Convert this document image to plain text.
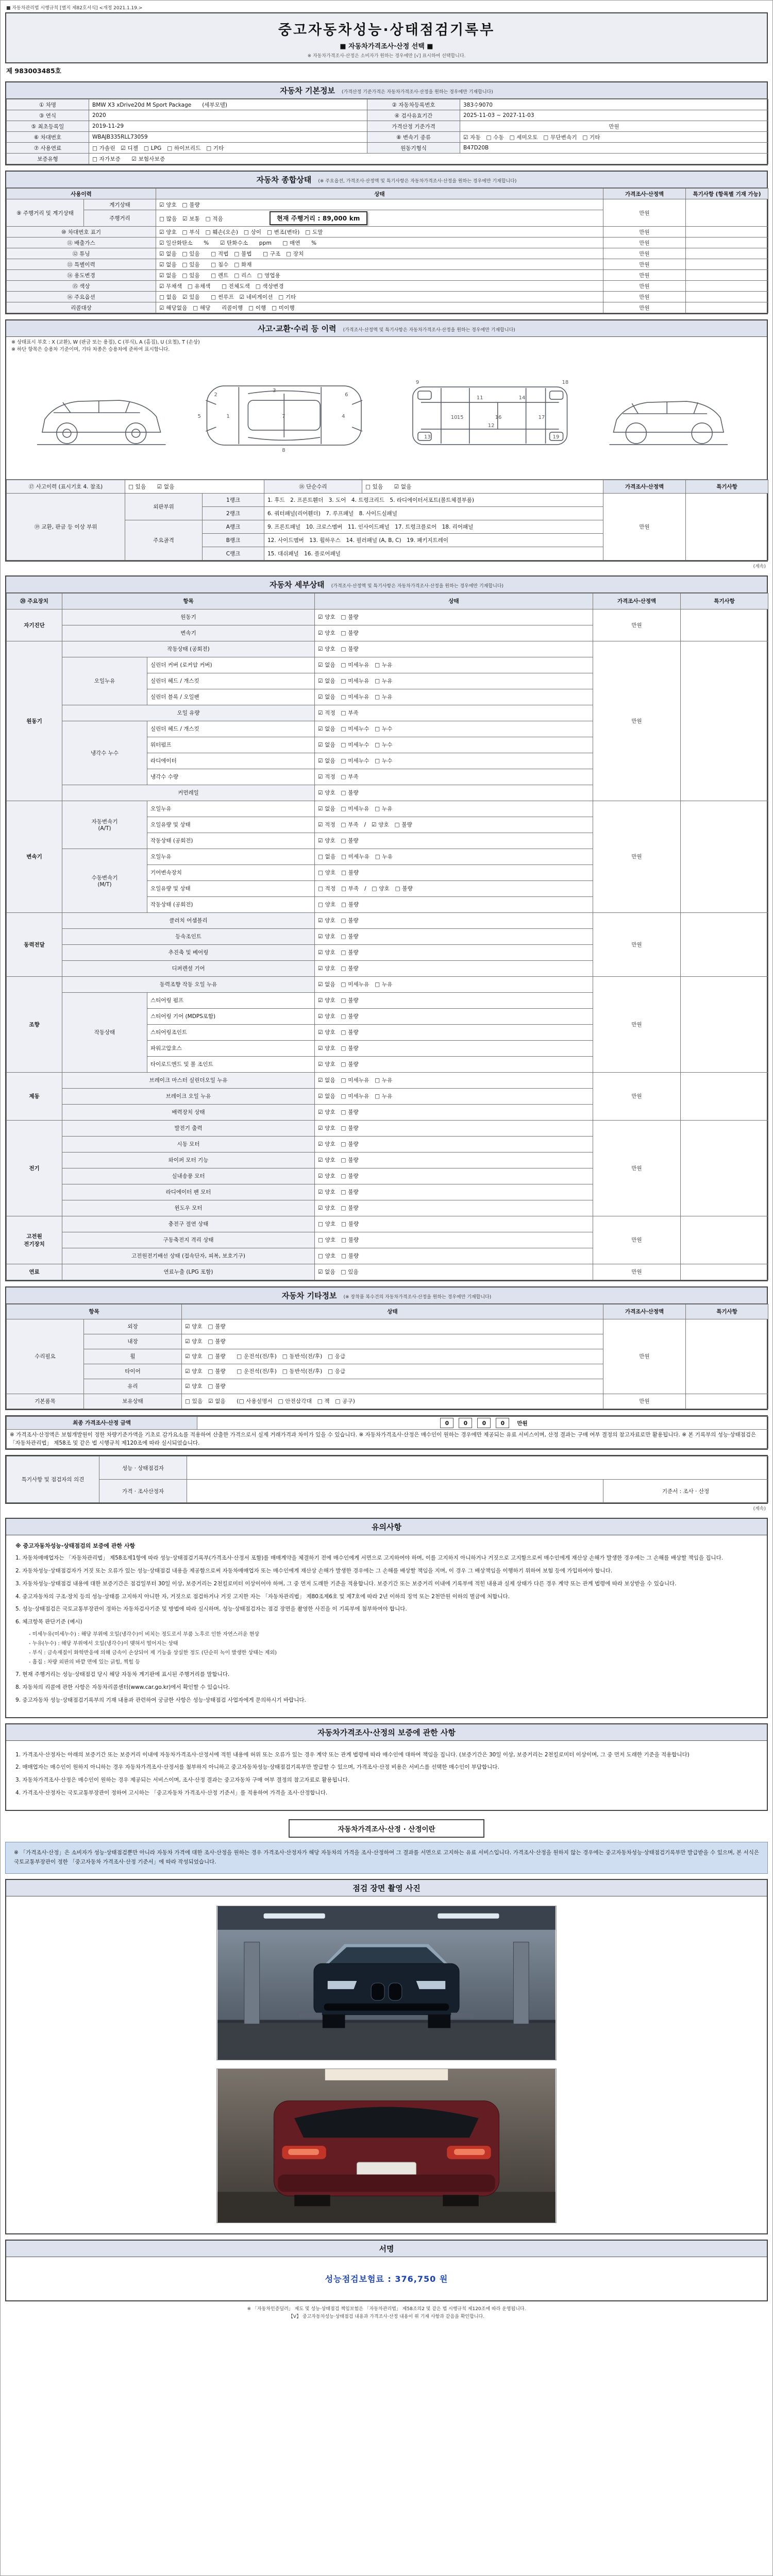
■ 자동차관리법 시행규칙 [별지 제82호서식] <개정 2021.1.19.>
중고자동차성능·상태점검기록부
■ 자동차가격조사·산정 선택 ■
※ 자동차가격조사·산정은 소비자가 원하는 경우에만 [√] 표시하여 선택합니다.
제 983003485호
자동차 기본정보 (가격산정 기준가격은 자동차가격조사·산정을 원하는 경우에만 기재합니다)
① 차명	BMW X3 xDrive20d M Sport Package　　(세부모델)	② 자동차등록번호	383수9070
③ 연식	2020	④ 검사유효기간	2025-11-03 ~ 2027-11-03
⑤ 최초등록일	2019-11-29	가격산정 기준가격	만원
⑥ 차대번호	WBAJB335RLL73059	⑧ 변속기 종류	☑ 자동　□ 수동　□ 세미오토　□ 무단변속기　□ 기타
⑦ 사용연료	□ 가솔린　☑ 디젤　□ LPG　□ 하이브리드　□ 기타	원동기형식	B47D20B
보증유형	□ 자가보증　　☑ 보험사보증		
자동차 종합상태 (※ 주요옵션, 가격조사·산정액 및 특기사항은 자동차가격조사·산정을 원하는 경우에만 기재합니다)
사용이력		상태	가격조사·산정액	특기사항 (항목별 기재 가능)
⑨ 주행거리 및 계기상태	계기상태	☑ 양호　□ 불량	만원	
	주행거리	□ 많음　☑ 보통　□ 적음 현재 주행거리 : 89,000 km		
⑩ 차대번호 표기		☑ 양호　□ 부식　□ 훼손(오손)　□ 상이　□ 변조(변타)　□ 도말	만원	
⑪ 배출가스		☑ 일산화탄소　　%　　☑ 탄화수소　　ppm　　□ 매연　　%	만원	
⑫ 튜닝		☑ 없음　□ 있음　　□ 적법　□ 불법　　□ 구조　□ 장치	만원	
⑬ 특별이력		☑ 없음　□ 있음　　□ 침수　□ 화재	만원	
⑭ 용도변경		☑ 없음　□ 있음　　□ 렌트　□ 리스　□ 영업용	만원	
⑮ 색상		☑ 무채색　□ 유채색　　□ 전체도색　□ 색상변경	만원	
⑯ 주요옵션		□ 없음　☑ 있음　　□ 썬루프　☑ 네비게이션　□ 기타	만원	
리콜대상		☑ 해당없음　□ 해당　　리콜이행　□ 이행　□ 미이행	만원	
사고·교환·수리 등 이력 (가격조사·산정액 및 특기사항은 자동차가격조사·산정을 원하는 경우에만 기재합니다)
※ 상태표시 부호 : X (교환), W (판금 또는 용접), C (부식), A (흠집), U (요철), T (손상)
※ 하단 항목은 승용차 기준이며, 기타 차종은 승용차에 준하여 표시합니다.
1
2
3
4
5
6
7
8
9
10
11
12
13
14
15	16	17
18
19
⑰ 사고이력 (표시기호 4. 참조)	□ 있음　　☑ 없음		⑱ 단순수리	□ 있음　　☑ 없음	가격조사·산정액	특기사항
⑲ 교환, 판금 등 이상 부위	외판부위	1랭크	1. 후드　2. 프론트휀더　3. 도어　4. 트렁크리드　5. 라디에이터서포트(볼트체결부품)		만원	
		2랭크	6. 쿼터패널(리어휀더)　7. 루프패널　8. 사이드실패널			
	주요골격	A랭크	9. 프론트패널　10. 크로스멤버　11. 인사이드패널　17. 트렁크플로어　18. 리어패널			
		B랭크	12. 사이드멤버　13. 휠하우스　14. 필러패널 (A, B, C)　19. 패키지트레이			
		C랭크	15. 대쉬패널　16. 플로어패널			
(계속)
자동차 세부상태 (가격조사·산정액 및 특기사항은 자동차가격조사·산정을 원하는 경우에만 기재합니다)
⑳ 주요장치	항목		상태	가격조사·산정액	특기사항
자기진단	원동기		☑ 양호　□ 불량	만원	
	변속기		☑ 양호　□ 불량		
원동기	작동상태 (공회전)		☑ 양호　□ 불량	만원	
	오일누유	실린더 커버 (로커암 커버)	☑ 없음　□ 미세누유　□ 누유		
		실린더 헤드 / 개스킷	☑ 없음　□ 미세누유　□ 누유		
		실린더 블록 / 오일팬	☑ 없음　□ 미세누유　□ 누유		
	오일 유량		☑ 적정　□ 부족		
	냉각수 누수	실린더 헤드 / 개스킷	☑ 없음　□ 미세누수　□ 누수		
		워터펌프	☑ 없음　□ 미세누수　□ 누수		
		라디에이터	☑ 없음　□ 미세누수　□ 누수		
		냉각수 수량	☑ 적정　□ 부족		
	커먼레일		☑ 양호　□ 불량		
변속기	자동변속기
(A/T)	오일누유	☑ 없음　□ 미세누유　□ 누유	만원	
		오일유량 및 상태	☑ 적정　□ 부족　/　☑ 양호　□ 불량		
		작동상태 (공회전)	☑ 양호　□ 불량		
	수동변속기
(M/T)	오일누유	□ 없음　□ 미세누유　□ 누유		
		기어변속장치	□ 양호　□ 불량		
		오일유량 및 상태	□ 적정　□ 부족　/　□ 양호　□ 불량		
		작동상태 (공회전)	□ 양호　□ 불량		
동력전달	클러치 어셈블리		☑ 양호　□ 불량	만원	
	등속조인트		☑ 양호　□ 불량		
	추진축 및 베어링		☑ 양호　□ 불량		
	디퍼렌셜 기어		☑ 양호　□ 불량		
조향	동력조향 작동 오일 누유		☑ 없음　□ 미세누유　□ 누유	만원	
	작동상태	스티어링 펌프	☑ 양호　□ 불량		
		스티어링 기어 (MDPS포함)	☑ 양호　□ 불량		
		스티어링조인트	☑ 양호　□ 불량		
		파워고압호스	☑ 양호　□ 불량		
		타이로드엔드 및 볼 조인트	☑ 양호　□ 불량		
제동	브레이크 마스터 실린더오일 누유		☑ 없음　□ 미세누유　□ 누유	만원	
	브레이크 오일 누유		☑ 없음　□ 미세누유　□ 누유		
	배력장치 상태		☑ 양호　□ 불량		
전기	발전기 출력		☑ 양호　□ 불량	만원	
	시동 모터		☑ 양호　□ 불량		
	와이퍼 모터 기능		☑ 양호　□ 불량		
	실내송풍 모터		☑ 양호　□ 불량		
	라디에이터 팬 모터		☑ 양호　□ 불량		
	윈도우 모터		☑ 양호　□ 불량		
고전원
전기장치	충전구 절연 상태		□ 양호　□ 불량	만원	
	구동축전지 격리 상태		□ 양호　□ 불량		
	고전원전기배선 상태 (접속단자, 피복, 보호기구)		□ 양호　□ 불량		
연료	연료누출 (LPG 포함)		☑ 없음　□ 있음	만원	
자동차 기타정보 (※ 장착품 복수건의 자동차가격조사·산정을 원하는 경우에만 기재합니다)
항목		상태	가격조사·산정액	특기사항
수리필요	외장	☑ 양호　□ 불량	만원	
	내장	☑ 양호　□ 불량		
	휠	☑ 양호　□ 불량　　□ 운전석(전/후)　□ 동반석(전/후)　□ 응급		
	타이어	☑ 양호　□ 불량　　□ 운전석(전/후)　□ 동반석(전/후)　□ 응급		
	유리	☑ 양호　□ 불량		
기본품목	보유상태	□ 있음　☑ 없음　　(□ 사용설명서　□ 안전삼각대　□ 잭　□ 공구)	만원	
최종 가격조사·산정 금액	0	0	0	0 만원
※ 가격조사·산정액은 보험개발원이 정한 차량기준가액을 기초로 감가요소를 적용하여 산출한 가격으로서 실제 거래가격과 차이가 있을 수 있습니다. ※ 자동차가격조사·산정은 매수인이 원하는 경우에만 제공되는 유료 서비스이며, 산정 결과는 구매 여부 결정의 참고자료로만 활용됩니다. ※ 본 기록부의 성능·상태점검은 「자동차관리법」 제58조 및 같은 법 시행규칙 제120조에 따라 실시되었습니다.
특기사항 및 점검자의 의견	성능 · 상태점검자		
	가격 · 조사산정자		기준서 : 조사 · 산정
(계속)
유의사항
※ 중고자동차성능·상태점검의 보증에 관한 사항
1. 자동차매매업자는 「자동차관리법」 제58조제1항에 따라 성능·상태점검기록부(가격조사·산정서 포함)를 매매계약을 체결하기 전에 매수인에게 서면으로 고지하여야 하며, 이를 고지하지 아니하거나 거짓으로 고지함으로써 매수인에게 재산상 손해가 발생한 경우에는 그 손해를 배상할 책임을 집니다.
2. 자동차성능·상태점검자가 거짓 또는 오류가 있는 성능·상태점검 내용을 제공함으로써 자동차매매업자 또는 매수인에게 재산상 손해가 발생한 경우에는 그 손해를 배상할 책임을 지며, 이 경우 그 배상책임을 이행하기 위하여 보험 등에 가입하여야 합니다.
3. 자동차성능·상태점검 내용에 대한 보증기간은 점검일부터 30일 이상, 보증거리는 2천킬로미터 이상이어야 하며, 그 중 먼저 도래한 기준을 적용합니다. 보증기간 또는 보증거리 이내에 기록부에 적힌 내용과 실제 상태가 다른 경우 계약 또는 관계 법령에 따라 보상받을 수 있습니다.
4. 중고자동차의 구조·장치 등의 성능·상태를 고지하지 아니한 자, 거짓으로 점검하거나 거짓 고지한 자는 「자동차관리법」 제80조제6호 및 제7호에 따라 2년 이하의 징역 또는 2천만원 이하의 벌금에 처합니다.
5. 성능·상태점검은 국토교통부장관이 정하는 자동차검사기준 및 방법에 따라 실시하며, 성능·상태점검자는 점검 장면을 촬영한 사진을 이 기록부에 첨부하여야 합니다.
6. 체크항목 판단기준 (예시)
- 미세누유(미세누수) : 해당 부위에 오일(냉각수)이 비치는 정도로서 부품 노후로 인한 자연스러운 현상
- 누유(누수) : 해당 부위에서 오일(냉각수)이 맺혀서 떨어지는 상태
- 부식 : 금속재질이 화학반응에 의해 금속이 손상되어 제 기능을 상실한 정도 (단순히 녹이 발생한 상태는 제외)
- 흠집 : 차량 외판의 바깥 면에 있는 긁힘, 찍힘 등
7. 현재 주행거리는 성능·상태점검 당시 해당 자동차 계기판에 표시된 주행거리를 말합니다.
8. 자동차의 리콜에 관한 사항은 자동차리콜센터(www.car.go.kr)에서 확인할 수 있습니다.
9. 중고자동차 성능·상태점검기록부의 기재 내용과 관련하여 궁금한 사항은 성능·상태점검 사업자에게 문의하시기 바랍니다.
자동차가격조사·산정의 보증에 관한 사항
1. 가격조사·산정자는 아래의 보증기간 또는 보증거리 이내에 자동차가격조사·산정서에 적힌 내용에 허위 또는 오류가 있는 경우 계약 또는 관계 법령에 따라 매수인에 대하여 책임을 집니다. (보증기간은 30일 이상, 보증거리는 2천킬로미터 이상이며, 그 중 먼저 도래한 기준을 적용합니다)
2. 매매업자는 매수인이 원하지 아니하는 경우 자동차가격조사·산정서를 첨부하지 아니하고 중고자동차성능·상태점검기록부만 발급할 수 있으며, 가격조사·산정 비용은 서비스를 선택한 매수인이 부담합니다.
3. 자동차가격조사·산정은 매수인이 원하는 경우 제공되는 서비스이며, 조사·산정 결과는 중고자동차 구매 여부 결정의 참고자료로 활용됩니다.
4. 가격조사·산정자는 국토교통부장관이 정하여 고시하는 「중고자동차 가격조사·산정 기준서」를 적용하여 가격을 조사·산정합니다.
자동차가격조사·산정 · 산정이란
※ 「가격조사·산정」은 소비자가 성능·상태점검뿐만 아니라 자동차 가격에 대한 조사·산정을 원하는 경우 가격조사·산정자가 해당 자동차의 가격을 조사·산정하여 그 결과를 서면으로 고지하는 유료 서비스입니다. 가격조사·산정을 원하지 않는 경우에는 중고자동차성능·상태점검기록부만 발급받을 수 있으며, 본 서식은 국토교통부장관이 정한 「중고자동차 가격조사·산정 기준서」에 따라 작성되었습니다.
점검 장면 촬영 사진
서명
성능점검보험료 : 376,750 원
※ 「자동차인증딜러」 제도 및 성능·상태점검 책임보험은 「자동차관리법」 제58조의2 및 같은 법 시행규칙 제120조에 따라 운영됩니다.
【V】 중고자동차성능·상태점검 내용과 가격조사·산정 내용이 위 기재 사항과 같음을 확인합니다.
